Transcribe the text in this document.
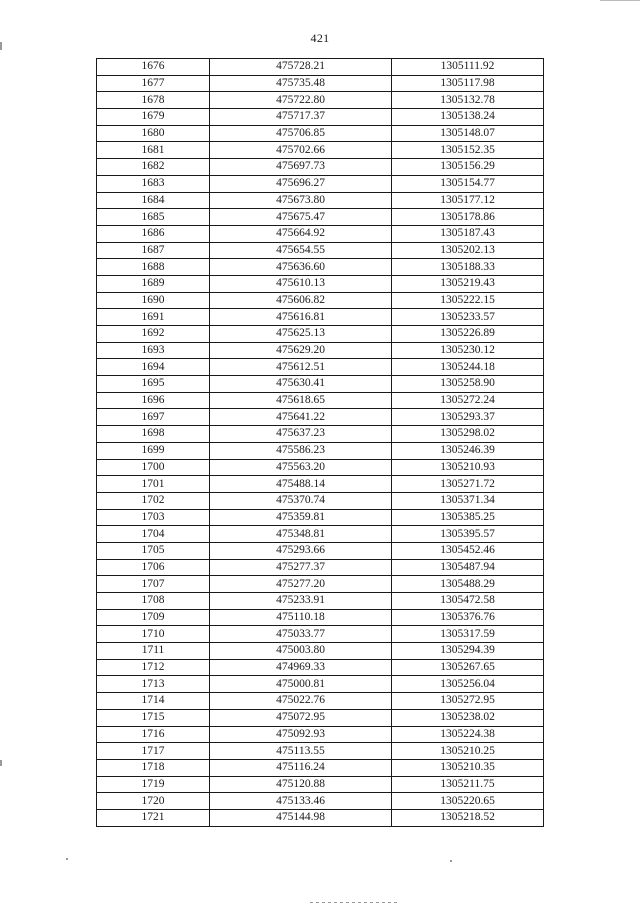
421
1676	475728.21	1305111.92
1677	475735.48	1305117.98
1678	475722.80	1305132.78
1679	475717.37	1305138.24
1680	475706.85	1305148.07
1681	475702.66	1305152.35
1682	475697.73	1305156.29
1683	475696.27	1305154.77
1684	475673.80	1305177.12
1685	475675.47	1305178.86
1686	475664.92	1305187.43
1687	475654.55	1305202.13
1688	475636.60	1305188.33
1689	475610.13	1305219.43
1690	475606.82	1305222.15
1691	475616.81	1305233.57
1692	475625.13	1305226.89
1693	475629.20	1305230.12
1694	475612.51	1305244.18
1695	475630.41	1305258.90
1696	475618.65	1305272.24
1697	475641.22	1305293.37
1698	475637.23	1305298.02
1699	475586.23	1305246.39
1700	475563.20	1305210.93
1701	475488.14	1305271.72
1702	475370.74	1305371.34
1703	475359.81	1305385.25
1704	475348.81	1305395.57
1705	475293.66	1305452.46
1706	475277.37	1305487.94
1707	475277.20	1305488.29
1708	475233.91	1305472.58
1709	475110.18	1305376.76
1710	475033.77	1305317.59
1711	475003.80	1305294.39
1712	474969.33	1305267.65
1713	475000.81	1305256.04
1714	475022.76	1305272.95
1715	475072.95	1305238.02
1716	475092.93	1305224.38
1717	475113.55	1305210.25
1718	475116.24	1305210.35
1719	475120.88	1305211.75
1720	475133.46	1305220.65
1721	475144.98	1305218.52
